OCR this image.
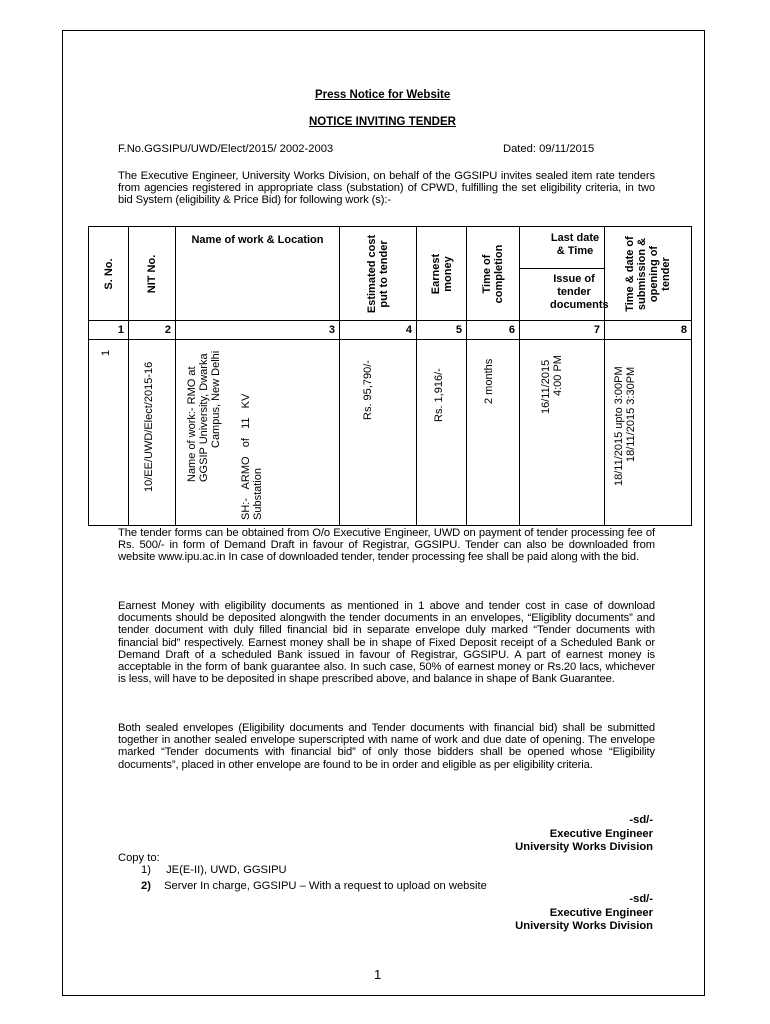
Press Notice for Website
NOTICE INVITING TENDER
F.No.GGSIPU/UWD/Elect/2015/ 2002-2003	Dated: 09/11/2015
The Executive Engineer, University Works Division, on behalf of the GGSIPU invites sealed item rate tenders from agencies registered in appropriate class (substation) of CPWD, fulfilling the set eligibility criteria, in two bid System (eligibility & Price Bid) for following work (s):-
S. No.	NIT No.	Name of work & Location	Estimated cost put to tender	Earnest money	Time of completion	Last date & Time	Time & date of submission & opening of tender

						Issue of tender documents	

1	2	3	4	5	6	7	8

1	10/EE/UWD/Elect/2015-16	Name of work:- RMO at GGSIP University, Dwarka Campus, New Delhi SH:-   ARMO   of   11   KV Substation	Rs. 95,790/-	Rs. 1,916/-	2 months	16/11/2015 4:00 PM	18/11/2015 upto 3:00PM 18/11/2015 3:30PM
The tender forms can be obtained from O/o Executive Engineer, UWD on payment of tender processing fee of Rs. 500/- in form of Demand Draft in favour of Registrar, GGSIPU. Tender can also be downloaded from website www.ipu.ac.in In case of downloaded tender, tender processing fee shall be paid along with the bid.
Earnest Money with eligibility documents as mentioned in 1 above and tender cost in case of download documents should be deposited alongwith the tender documents in an envelopes, “Eligiblity documents” and tender document with duly filled financial bid in separate envelope duly marked “Tender documents with financial bid” respectively. Earnest money shall be in shape of Fixed Deposit receipt of a Scheduled Bank or Demand Draft of a scheduled Bank issued in favour of Registrar, GGSIPU. A part of earnest money is acceptable in the form of bank guarantee also. In such case, 50% of earnest money or Rs.20 lacs, whichever is less, will have to be deposited in shape prescribed above, and balance in shape of Bank Guarantee.
Both sealed envelopes (Eligibility documents and Tender documents with financial bid) shall be submitted together in another sealed envelope superscripted with name of work and due date of opening. The envelope marked “Tender documents with financial bid” of only those bidders shall be opened whose “Eligibility documents”, placed in other envelope are found to be in order and eligible as per eligibility criteria.
-sd/-
Executive Engineer
University Works Division
Copy to:
1) JE(E-II), UWD, GGSIPU
2) Server In charge, GGSIPU – With a request to upload on website
-sd/-
Executive Engineer
University Works Division
1
